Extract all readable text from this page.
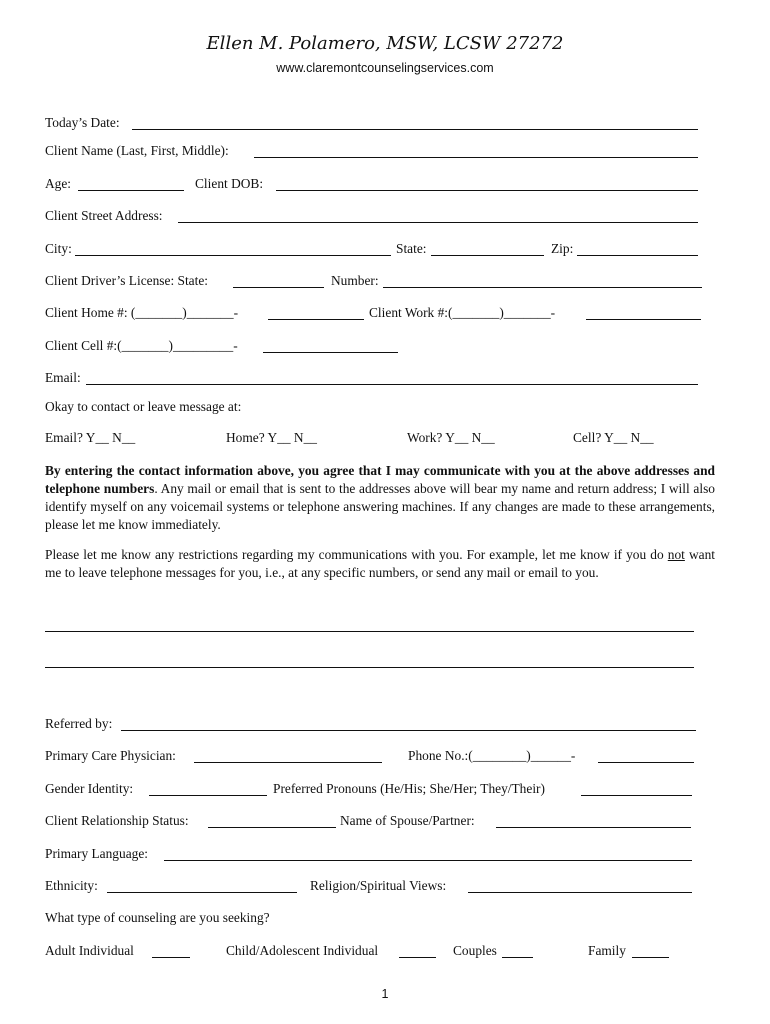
Ellen M. Polamero, MSW, LCSW 27272
www.claremontcounselingservices.com
Today’s Date:
Client Name (Last, First, Middle):
Age:	Client DOB:
Client Street Address:
City:	State:	Zip:
Client Driver’s License: State:	Number:
Client Home #: (_______)_______-	Client Work #:(_______)_______-
Client Cell #:(_______)_________-
Email:
Okay to contact or leave message at:
Email? Y__ N__	Home? Y__ N__	Work? Y__ N__	Cell? Y__ N__
By entering the contact information above, you agree that I may communicate with you at the above addresses and telephone numbers. Any mail or email that is sent to the addresses above will bear my name and return address; I will also identify myself on any voicemail systems or telephone answering machines. If any changes are made to these arrangements, please let me know immediately.
Please let me know any restrictions regarding my communications with you. For example, let me know if you do not want me to leave telephone messages for you, i.e., at any specific numbers, or send any mail or email to you.
Referred by:
Primary Care Physician:	Phone No.:(________)______-
Gender Identity:	Preferred Pronouns (He/His; She/Her; They/Their)
Client Relationship Status:	Name of Spouse/Partner:
Primary Language:
Ethnicity:	Religion/Spiritual Views:
What type of counseling are you seeking?
Adult Individual	Child/Adolescent Individual	Couples	Family
1
